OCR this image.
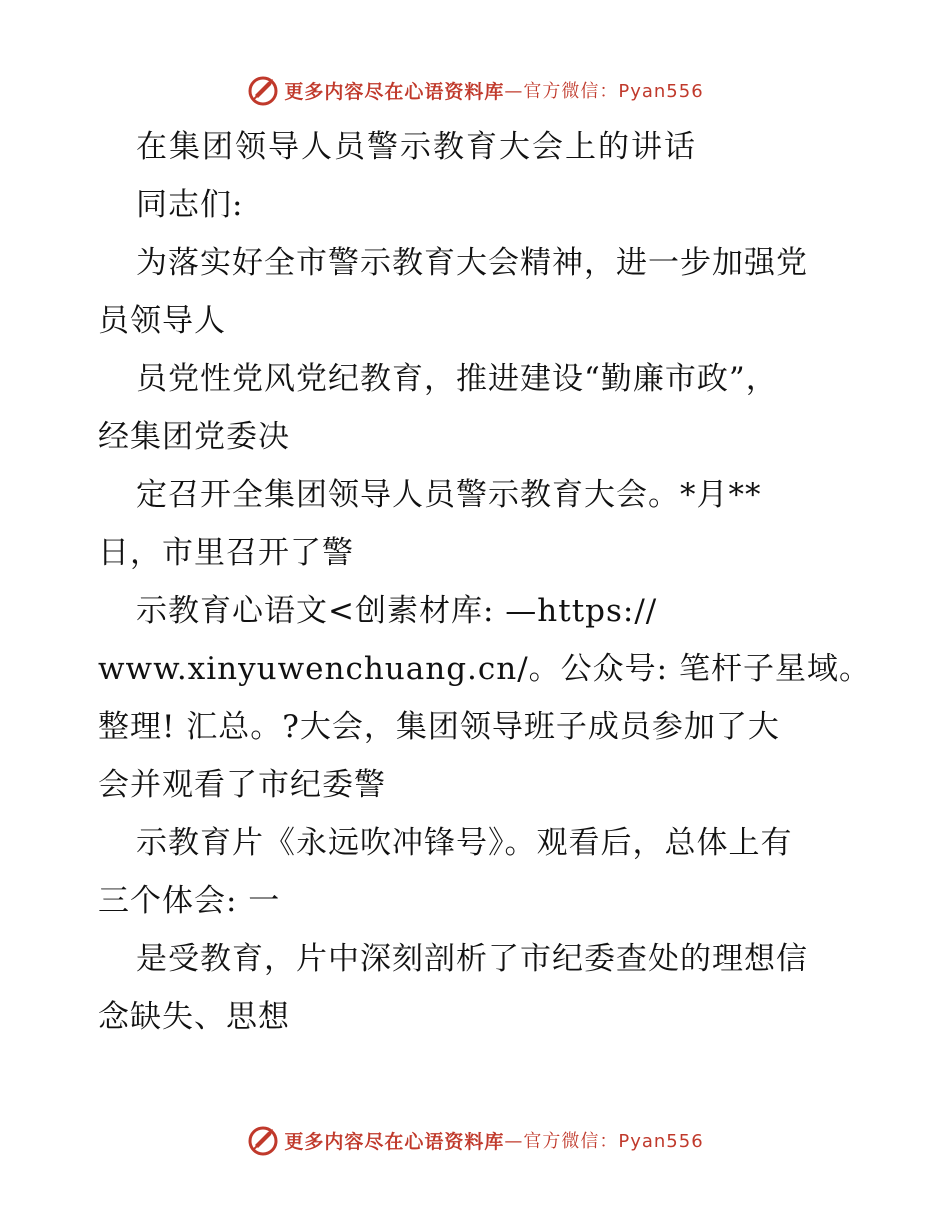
更多内容尽在心语资料库 —官方微信：Pyan556
在集团领导人员警示教育大会上的讲话
同志们:
为落实好全市警示教育大会精神，进一步加强党
员领导人
员党性党风党纪教育，推进建设“勤廉市政”，
经集团党委决
定召开全集团领导人员警示教育大会。*月**
日，市里召开了警
示教育心语文<创素材库: —https://
www.xinyuwenchuang.cn/。公众号: 笔杆子星域。
整理! 汇总。?大会，集团领导班子成员参加了大
会并观看了市纪委警
示教育片《永远吹冲锋号》。观看后，总体上有
三个体会: 一
是受教育，片中深刻剖析了市纪委查处的理想信
念缺失、思想
更多内容尽在心语资料库 —官方微信：Pyan556
